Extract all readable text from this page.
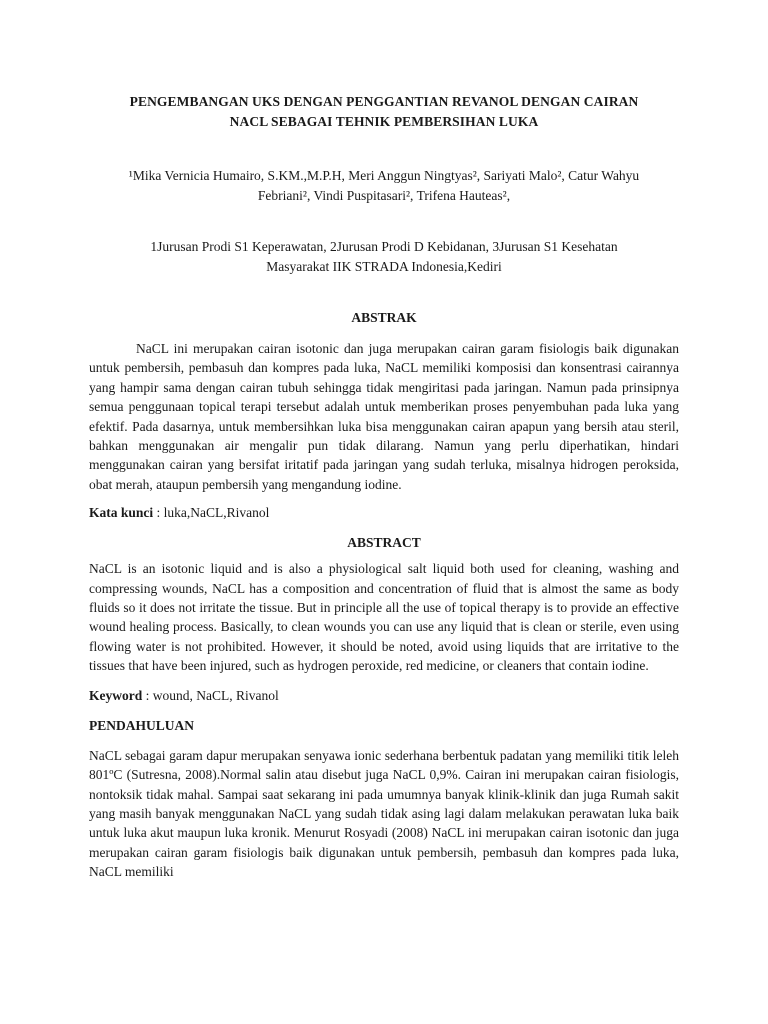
PENGEMBANGAN UKS DENGAN PENGGANTIAN REVANOL DENGAN CAIRAN
NACL SEBAGAI TEHNIK PEMBERSIHAN LUKA

¹Mika Vernicia Humairo, S.KM.,M.P.H, Meri Anggun Ningtyas², Sariyati Malo², Catur Wahyu
Febriani², Vindi Puspitasari², Trifena Hauteas²,

1Jurusan Prodi S1 Keperawatan, 2Jurusan Prodi D Kebidanan, 3Jurusan S1 Kesehatan
Masyarakat IIK STRADA Indonesia,Kediri

ABSTRAK

NaCL ini merupakan cairan isotonic dan juga merupakan cairan garam fisiologis baik digunakan untuk pembersih, pembasuh dan kompres pada luka, NaCL memiliki komposisi dan konsentrasi cairannya yang hampir sama dengan cairan tubuh sehingga tidak mengiritasi pada jaringan. Namun pada prinsipnya semua penggunaan topical terapi tersebut adalah untuk memberikan proses penyembuhan pada luka yang efektif. Pada dasarnya, untuk membersihkan luka bisa menggunakan cairan apapun yang bersih atau steril, bahkan menggunakan air mengalir pun tidak dilarang. Namun yang perlu diperhatikan, hindari menggunakan cairan yang bersifat iritatif pada jaringan yang sudah terluka, misalnya hidrogen peroksida, obat merah, ataupun pembersih yang mengandung iodine.

Kata kunci : luka,NaCL,Rivanol

ABSTRACT

NaCL is an isotonic liquid and is also a physiological salt liquid both used for cleaning, washing and compressing wounds, NaCL has a composition and concentration of fluid that is almost the same as body fluids so it does not irritate the tissue. But in principle all the use of topical therapy is to provide an effective wound healing process. Basically, to clean wounds you can use any liquid that is clean or sterile, even using flowing water is not prohibited. However, it should be noted, avoid using liquids that are irritative to the tissues that have been injured, such as hydrogen peroxide, red medicine, or cleaners that contain iodine.

Keyword : wound, NaCL, Rivanol

PENDAHULUAN

NaCL sebagai garam dapur merupakan senyawa ionic sederhana berbentuk padatan yang memiliki titik leleh 801ºC (Sutresna, 2008).Normal salin atau disebut juga NaCL 0,9%. Cairan ini merupakan cairan fisiologis, nontoksik tidak mahal. Sampai saat sekarang ini pada umumnya banyak klinik-klinik dan juga Rumah sakit yang masih banyak menggunakan NaCL yang sudah tidak asing lagi dalam melakukan perawatan luka baik untuk luka akut maupun luka kronik. Menurut Rosyadi (2008) NaCL ini merupakan cairan isotonic dan juga merupakan cairan garam fisiologis baik digunakan untuk pembersih, pembasuh dan kompres pada luka, NaCL memiliki
